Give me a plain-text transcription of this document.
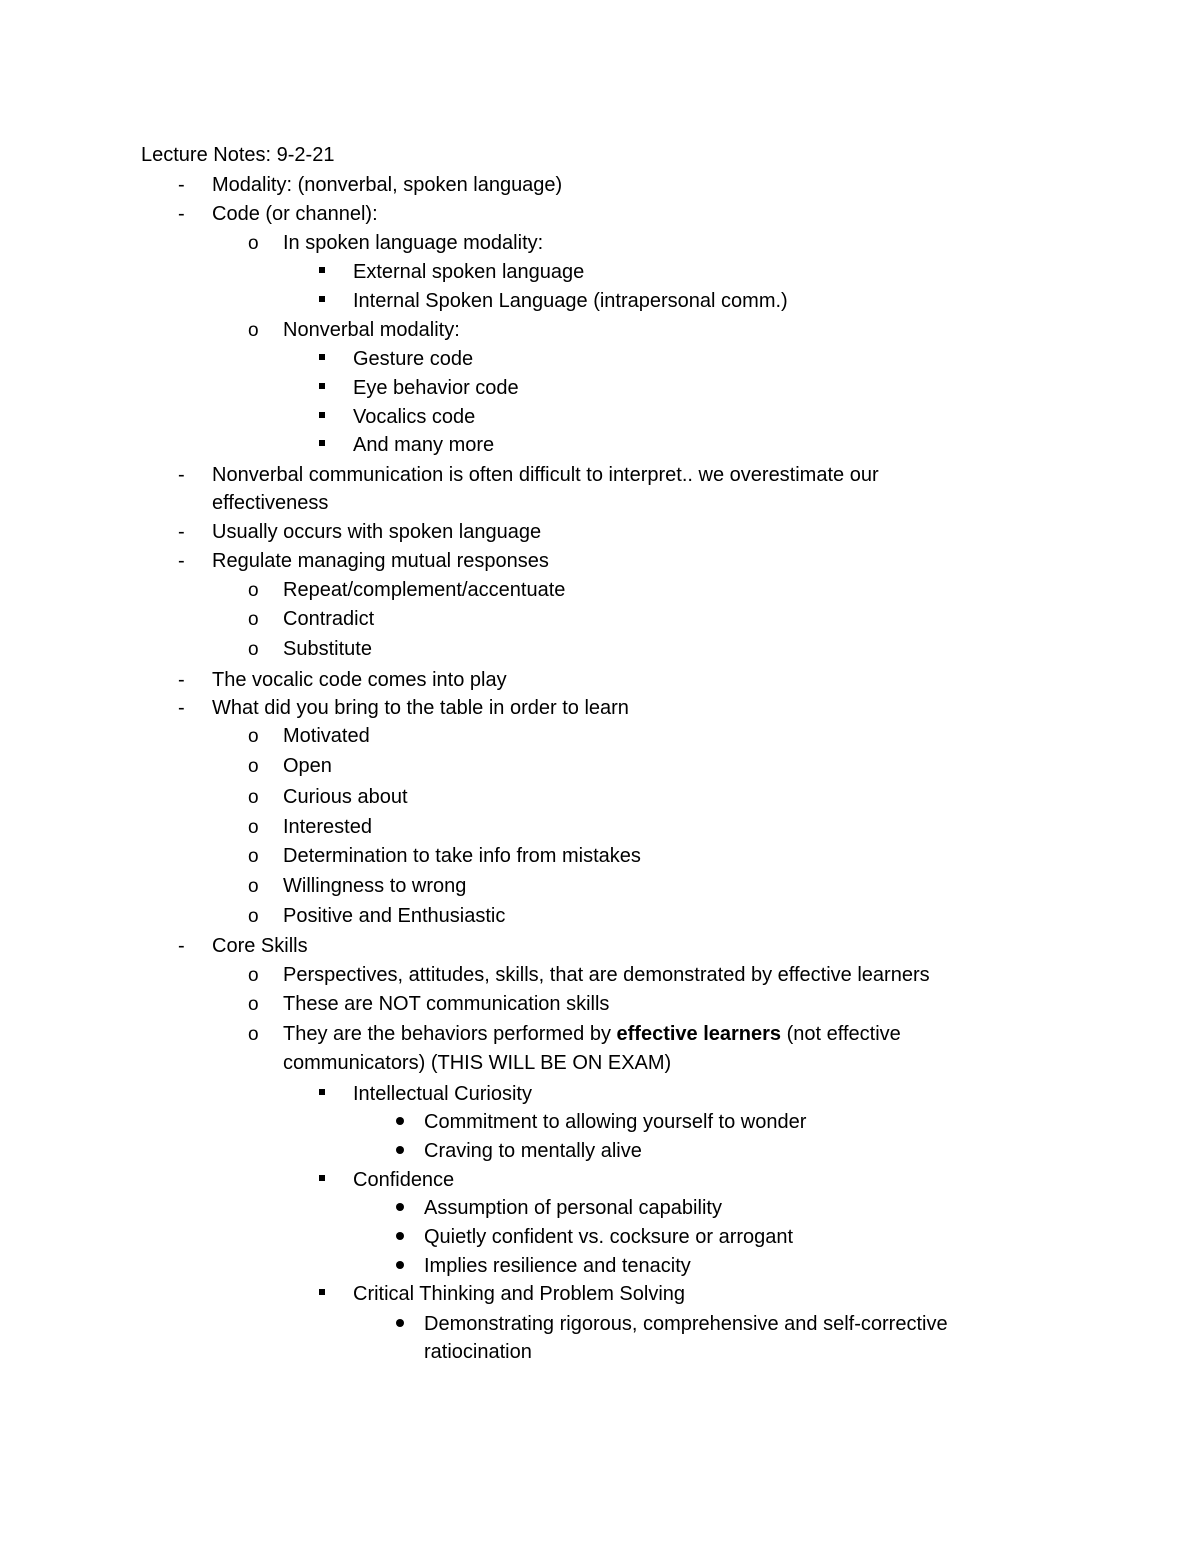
Lecture Notes: 9-2-21
- Modality: (nonverbal, spoken language)
- Code (or channel):
o In spoken language modality:
External spoken language
Internal Spoken Language (intrapersonal comm.)
o Nonverbal modality:
Gesture code
Eye behavior code
Vocalics code
And many more
- Nonverbal communication is often difficult to interpret.. we overestimate our
effectiveness
- Usually occurs with spoken language
- Regulate managing mutual responses
o Repeat/complement/accentuate
o Contradict
o Substitute
- The vocalic code comes into play
- What did you bring to the table in order to learn
o Motivated
o Open
o Curious about
o Interested
o Determination to take info from mistakes
o Willingness to wrong
o Positive and Enthusiastic
- Core Skills
o Perspectives, attitudes, skills, that are demonstrated by effective learners
o These are NOT communication skills
o They are the behaviors performed by effective learners (not effective
communicators) (THIS WILL BE ON EXAM)
Intellectual Curiosity
Commitment to allowing yourself to wonder
Craving to mentally alive
Confidence
Assumption of personal capability
Quietly confident vs. cocksure or arrogant
Implies resilience and tenacity
Critical Thinking and Problem Solving
Demonstrating rigorous, comprehensive and self-corrective
ratiocination
